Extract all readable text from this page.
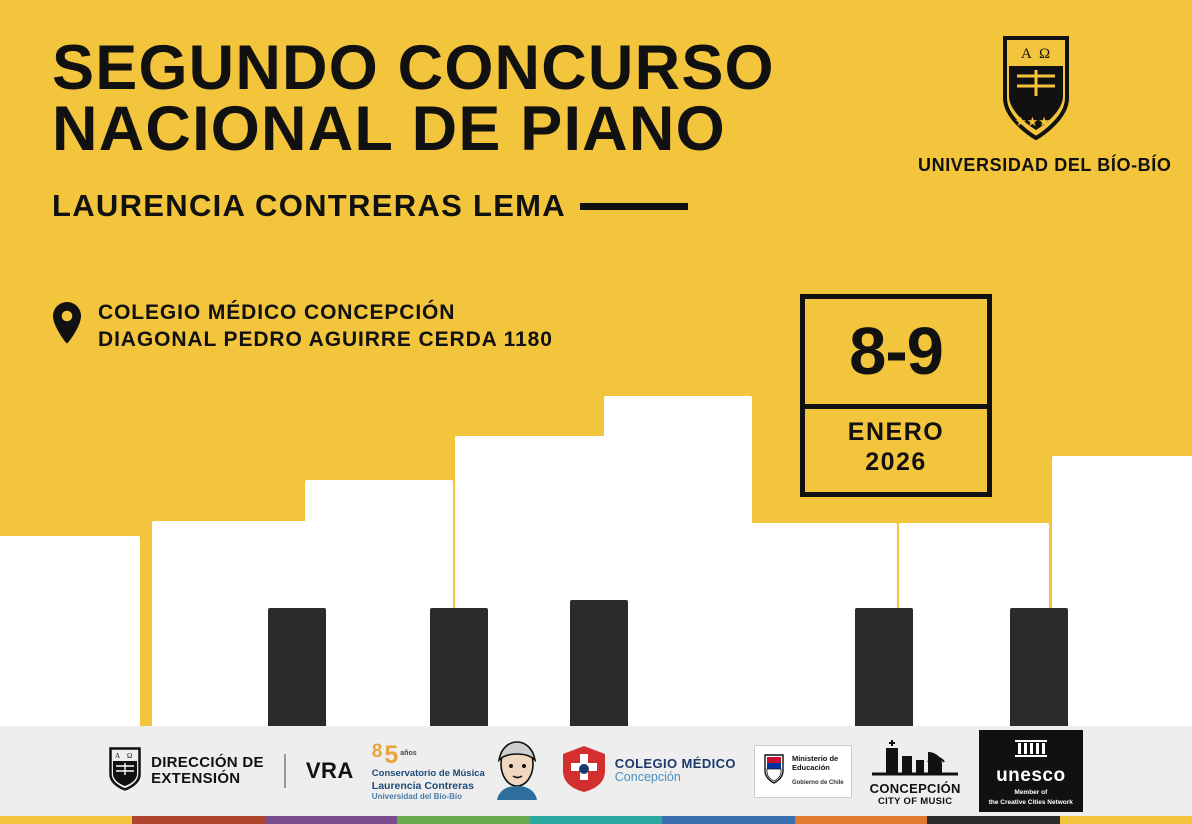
SEGUNDO CONCURSO
NACIONAL DE PIANO
LAURENCIA CONTRERAS LEMA
COLEGIO MÉDICO CONCEPCIÓN
DIAGONAL PEDRO AGUIRRE CERDA 1180
A Ω
★★★
UNIVERSIDAD DEL BÍO-BÍO
8-9
ENERO
2026
A Ω DIRECCIÓN DE
EXTENSIÓN	VRA
8 5 años
Conservatorio de Música
Laurencia Contreras
Universidad del Bío-Bío
COLEGIO MÉDICO
Concepción
Ministerio de
Educación
Gobierno de Chile CONCEPCIÓN
CITY OF MUSIC
unesco
Member of
the Creative Cities Network
